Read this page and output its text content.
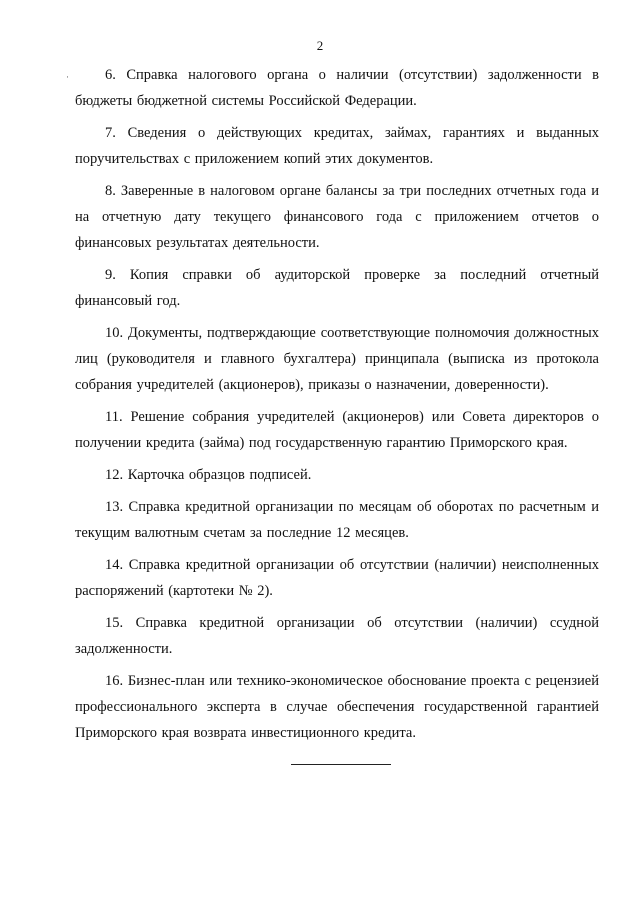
2
·	6. Справка налогового органа о наличии (отсутствии) задолженности в бюджеты бюджетной системы Российской Федерации.

7. Сведения о действующих кредитах, займах, гарантиях и выданных поручительствах с приложением копий этих документов.

8. Заверенные в налоговом органе балансы за три последних отчетных года и на отчетную дату текущего финансового года с приложением отчетов о финансовых результатах деятельности.

9. Копия справки об аудиторской проверке за последний отчетный финансовый год.

10. Документы, подтверждающие соответствующие полномочия должностных лиц (руководителя и главного бухгалтера) принципала (выписка из протокола собрания учредителей (акционеров), приказы о назначении, доверенности).

11. Решение собрания учредителей (акционеров) или Совета директоров о получении кредита (займа) под государственную гарантию Приморского края.

12. Карточка образцов подписей.

13. Справка кредитной организации по месяцам об оборотах по расчетным и текущим валютным счетам за последние 12 месяцев.

14. Справка кредитной организации об отсутствии (наличии) неисполненных распоряжений (картотеки № 2).

15. Справка кредитной организации об отсутствии (наличии) ссудной задолженности.

16. Бизнес-план или технико-экономическое обоснование проекта с рецензией профессионального эксперта в случае обеспечения государственной гарантией Приморского края возврата инвестиционного кредита.
